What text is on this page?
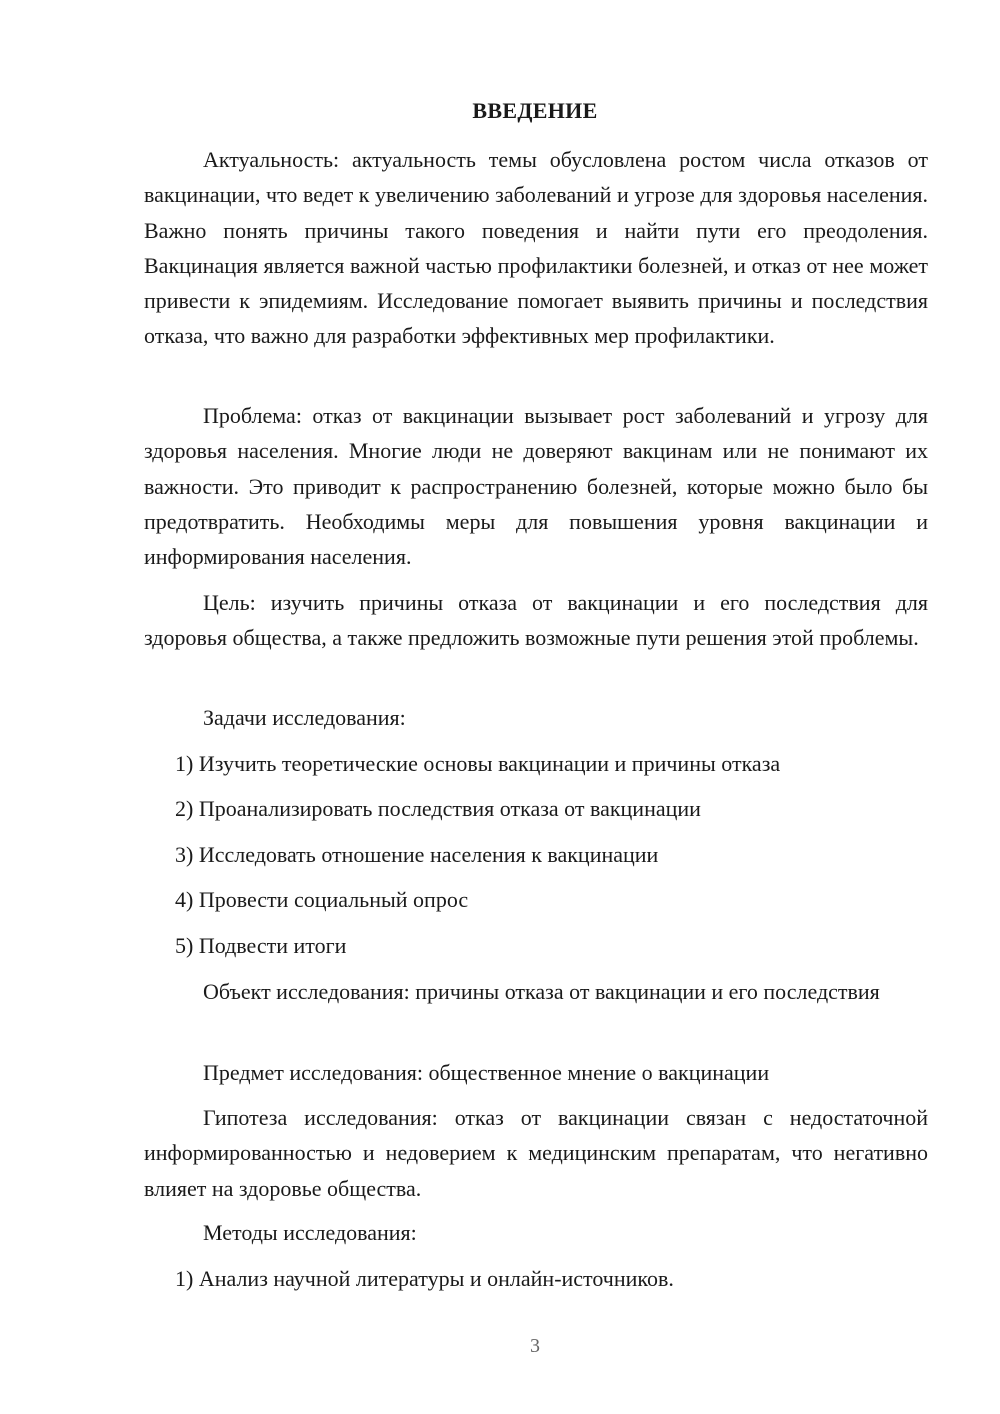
ВВЕДЕНИЕ

Актуальность: актуальность темы обусловлена ростом числа отказов от вакцинации, что ведет к увеличению заболеваний и угрозе для здоровья населения. Важно понять причины такого поведения и найти пути его преодоления. Вакцинация является важной частью профилактики болезней, и отказ от нее может привести к эпидемиям. Исследование помогает выявить причины и последствия отказа, что важно для разработки эффективных мер профилактики.

Проблема: отказ от вакцинации вызывает рост заболеваний и угрозу для здоровья населения. Многие люди не доверяют вакцинам или не понимают их важности. Это приводит к распространению болезней, которые можно было бы предотвратить. Необходимы меры для повышения уровня вакцинации и информирования населения.

Цель: изучить причины отказа от вакцинации и его последствия для здоровья общества, а также предложить возможные пути решения этой проблемы.

Задачи исследования:

1) Изучить теоретические основы вакцинации и причины отказа

2) Проанализировать последствия отказа от вакцинации

3) Исследовать отношение населения к вакцинации

4) Провести социальный опрос

5) Подвести итоги

Объект исследования: причины отказа от вакцинации и его последствия

Предмет исследования: общественное мнение о вакцинации

Гипотеза исследования: отказ от вакцинации связан с недостаточной информированностью и недоверием к медицинским препаратам, что негативно влияет на здоровье общества.

Методы исследования:

1) Анализ научной литературы и онлайн-источников.

3
